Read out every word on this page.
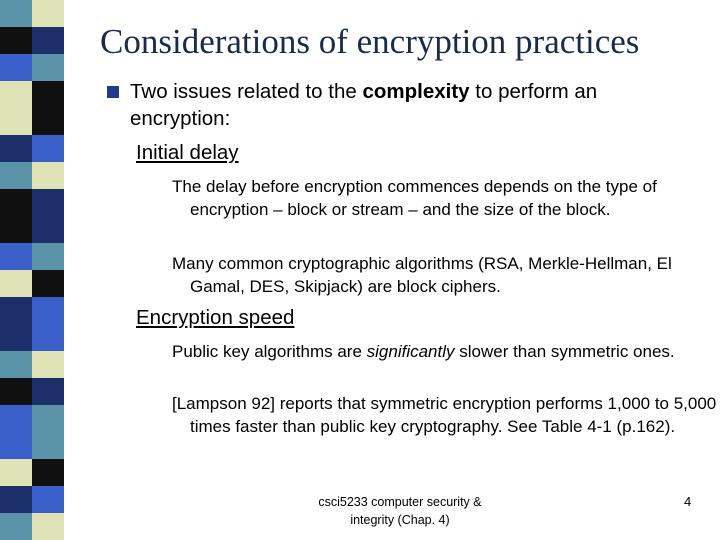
Considerations of encryption practices
Two issues related to the complexity to perform an encryption:
Initial delay
The delay before encryption commences depends on the type of encryption – block or stream – and the size of the block.
Many common cryptographic algorithms (RSA, Merkle-Hellman, El Gamal, DES, Skipjack) are block ciphers.
Encryption speed
Public key algorithms are significantly slower than symmetric ones.
[Lampson 92] reports that symmetric encryption performs 1,000 to 5,000 times faster than public key cryptography. See Table 4-1 (p.162).
csci5233 computer security &
integrity (Chap. 4)
4
